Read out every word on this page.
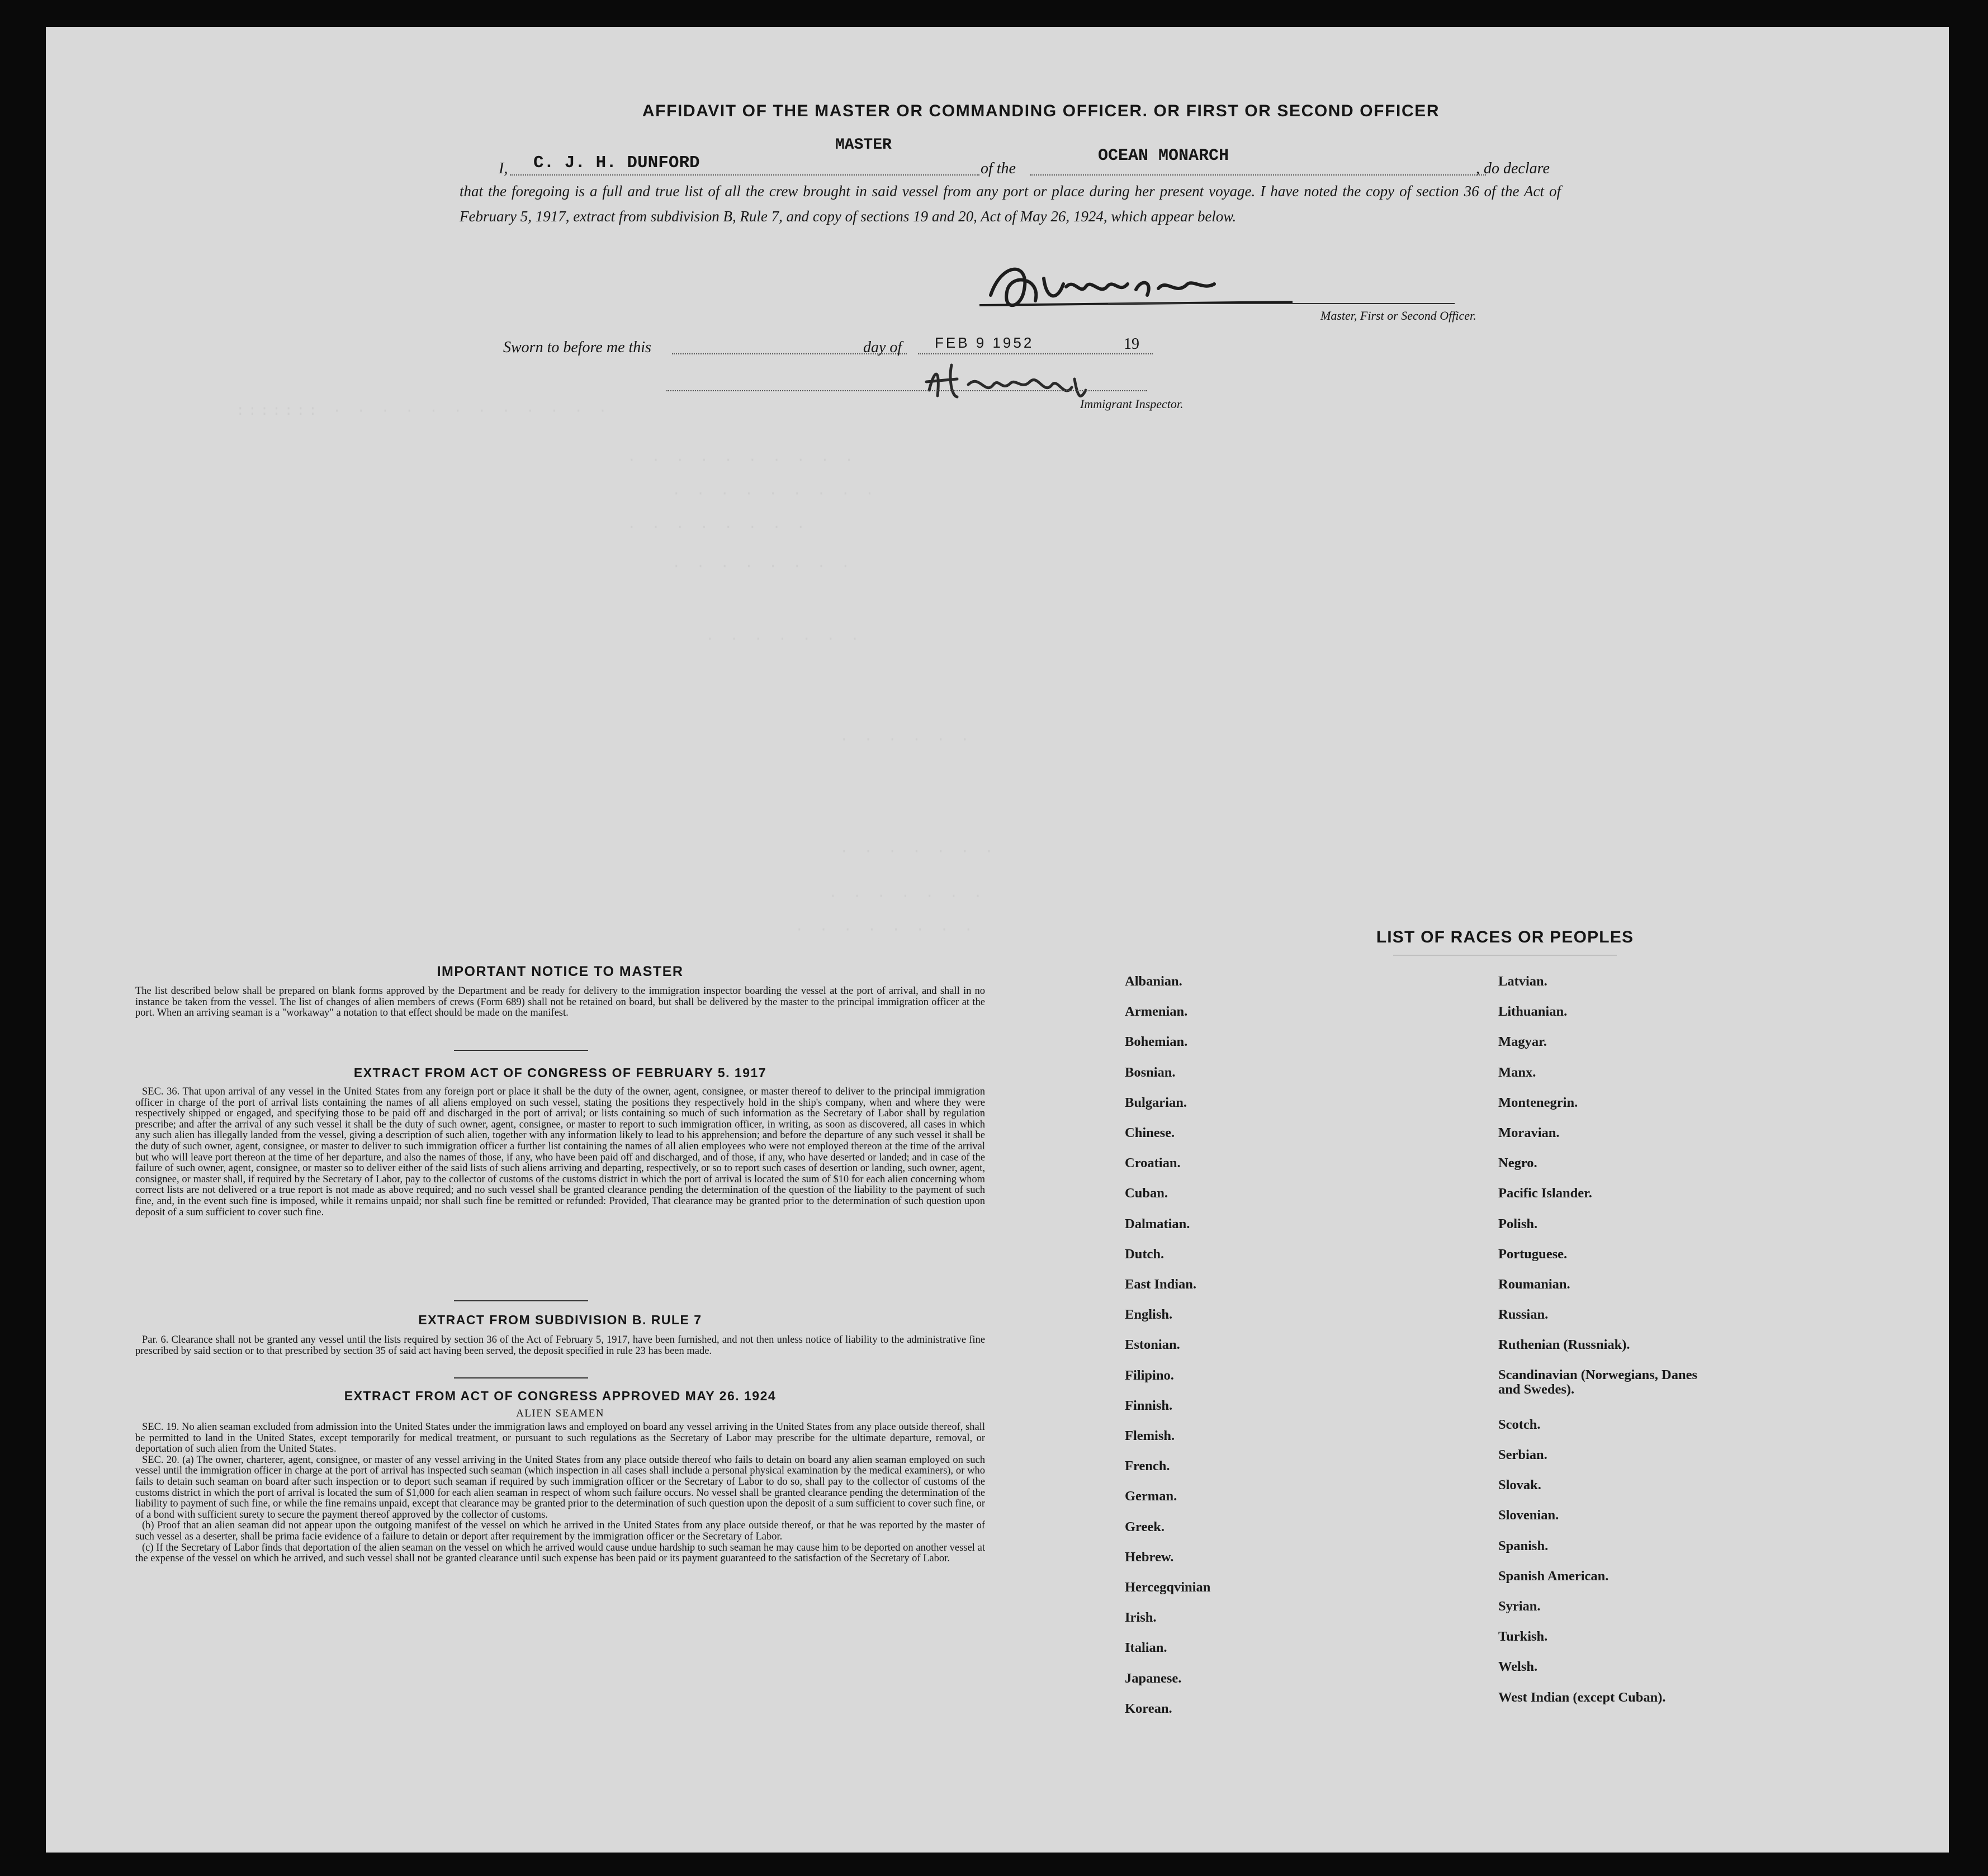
::::::: · · · · · · · · · · · ·
· · · · · · · · · ·
· · · · · · · · ·
· · · · · · · ·
· · · · · · · ·
· · · · · · ·
· · · · · ·
· · · · · · ·
· · · · · · ·
· · · · · · · ·
AFFIDAVIT OF THE MASTER OR COMMANDING OFFICER. OR FIRST OR SECOND OFFICER
I, C. J. H. DUNFORD
MASTER
of the
OCEAN MONARCH
, do declare
that the foregoing is a full and true list of all the crew brought in said vessel from any port or place during her present voyage. I have noted the copy of section 36 of the Act of February 5, 1917, extract from subdivision B, Rule 7, and copy of sections 19 and 20, Act of May 26, 1924, which appear below.
Master, First or Second Officer.
Sworn to before me this	day of FEB 9 1952	19
Immigrant Inspector.
IMPORTANT NOTICE TO MASTER
The list described below shall be prepared on blank forms approved by the Department and be ready for delivery to the immigration inspector boarding the vessel at the port of arrival, and shall in no instance be taken from the vessel. The list of changes of alien members of crews (Form 689) shall not be retained on board, but shall be delivered by the master to the principal immigration officer at the port. When an arriving seaman is a "workaway" a notation to that effect should be made on the manifest.
EXTRACT FROM ACT OF CONGRESS OF FEBRUARY 5. 1917
SEC. 36. That upon arrival of any vessel in the United States from any foreign port or place it shall be the duty of the owner, agent, consignee, or master thereof to deliver to the principal immigration officer in charge of the port of arrival lists containing the names of all aliens employed on such vessel, stating the positions they respectively hold in the ship's company, when and where they were respectively shipped or engaged, and specifying those to be paid off and discharged in the port of arrival; or lists containing so much of such information as the Secretary of Labor shall by regulation prescribe; and after the arrival of any such vessel it shall be the duty of such owner, agent, consignee, or master to report to such immigration officer, in writing, as soon as discovered, all cases in which any such alien has illegally landed from the vessel, giving a description of such alien, together with any information likely to lead to his apprehension; and before the departure of any such vessel it shall be the duty of such owner, agent, consignee, or master to deliver to such immigration officer a further list containing the names of all alien employees who were not employed thereon at the time of the arrival but who will leave port thereon at the time of her departure, and also the names of those, if any, who have been paid off and discharged, and of those, if any, who have deserted or landed; and in case of the failure of such owner, agent, consignee, or master so to deliver either of the said lists of such aliens arriving and departing, respectively, or so to report such cases of desertion or landing, such owner, agent, consignee, or master shall, if required by the Secretary of Labor, pay to the collector of customs of the customs district in which the port of arrival is located the sum of $10 for each alien concerning whom correct lists are not delivered or a true report is not made as above required; and no such vessel shall be granted clearance pending the determination of the question of the liability to the payment of such fine, and, in the event such fine is imposed, while it remains unpaid; nor shall such fine be remitted or refunded: Provided, That clearance may be granted prior to the determination of such question upon deposit of a sum sufficient to cover such fine.
EXTRACT FROM SUBDIVISION B. RULE 7
Par. 6. Clearance shall not be granted any vessel until the lists required by section 36 of the Act of February 5, 1917, have been furnished, and not then unless notice of liability to the administrative fine prescribed by said section or to that prescribed by section 35 of said act having been served, the deposit specified in rule 23 has been made.
EXTRACT FROM ACT OF CONGRESS APPROVED MAY 26. 1924
ALIEN SEAMEN
SEC. 19. No alien seaman excluded from admission into the United States under the immigration laws and employed on board any vessel arriving in the United States from any place outside thereof, shall be permitted to land in the United States, except temporarily for medical treatment, or pursuant to such regulations as the Secretary of Labor may prescribe for the ultimate departure, removal, or deportation of such alien from the United States.
SEC. 20. (a) The owner, charterer, agent, consignee, or master of any vessel arriving in the United States from any place outside thereof who fails to detain on board any alien seaman employed on such vessel until the immigration officer in charge at the port of arrival has inspected such seaman (which inspection in all cases shall include a personal physical examination by the medical examiners), or who fails to detain such seaman on board after such inspection or to deport such seaman if required by such immigration officer or the Secretary of Labor to do so, shall pay to the collector of customs of the customs district in which the port of arrival is located the sum of $1,000 for each alien seaman in respect of whom such failure occurs. No vessel shall be granted clearance pending the determination of the liability to payment of such fine, or while the fine remains unpaid, except that clearance may be granted prior to the determination of such question upon the deposit of a sum sufficient to cover such fine, or of a bond with sufficient surety to secure the payment thereof approved by the collector of customs.
(b) Proof that an alien seaman did not appear upon the outgoing manifest of the vessel on which he arrived in the United States from any place outside thereof, or that he was reported by the master of such vessel as a deserter, shall be prima facie evidence of a failure to detain or deport after requirement by the immigration officer or the Secretary of Labor.
(c) If the Secretary of Labor finds that deportation of the alien seaman on the vessel on which he arrived would cause undue hardship to such seaman he may cause him to be deported on another vessel at the expense of the vessel on which he arrived, and such vessel shall not be granted clearance until such expense has been paid or its payment guaranteed to the satisfaction of the Secretary of Labor.
LIST OF RACES OR PEOPLES
Albanian.
Armenian.
Bohemian.
Bosnian.
Bulgarian.
Chinese.
Croatian.
Cuban.
Dalmatian.
Dutch.
East Indian.
English.
Estonian.
Filipino.
Finnish.
Flemish.
French.
German.
Greek.
Hebrew.
Hercegqvinian
Irish.
Italian.
Japanese.
Korean.
Latvian.
Lithuanian.
Magyar.
Manx.
Montenegrin.
Moravian.
Negro.
Pacific Islander.
Polish.
Portuguese.
Roumanian.
Russian.
Ruthenian (Russniak).
Scandinavian (Norwegians, Danes and Swedes).
Scotch.
Serbian.
Slovak.
Slovenian.
Spanish.
Spanish American.
Syrian.
Turkish.
Welsh.
West Indian (except Cuban).
